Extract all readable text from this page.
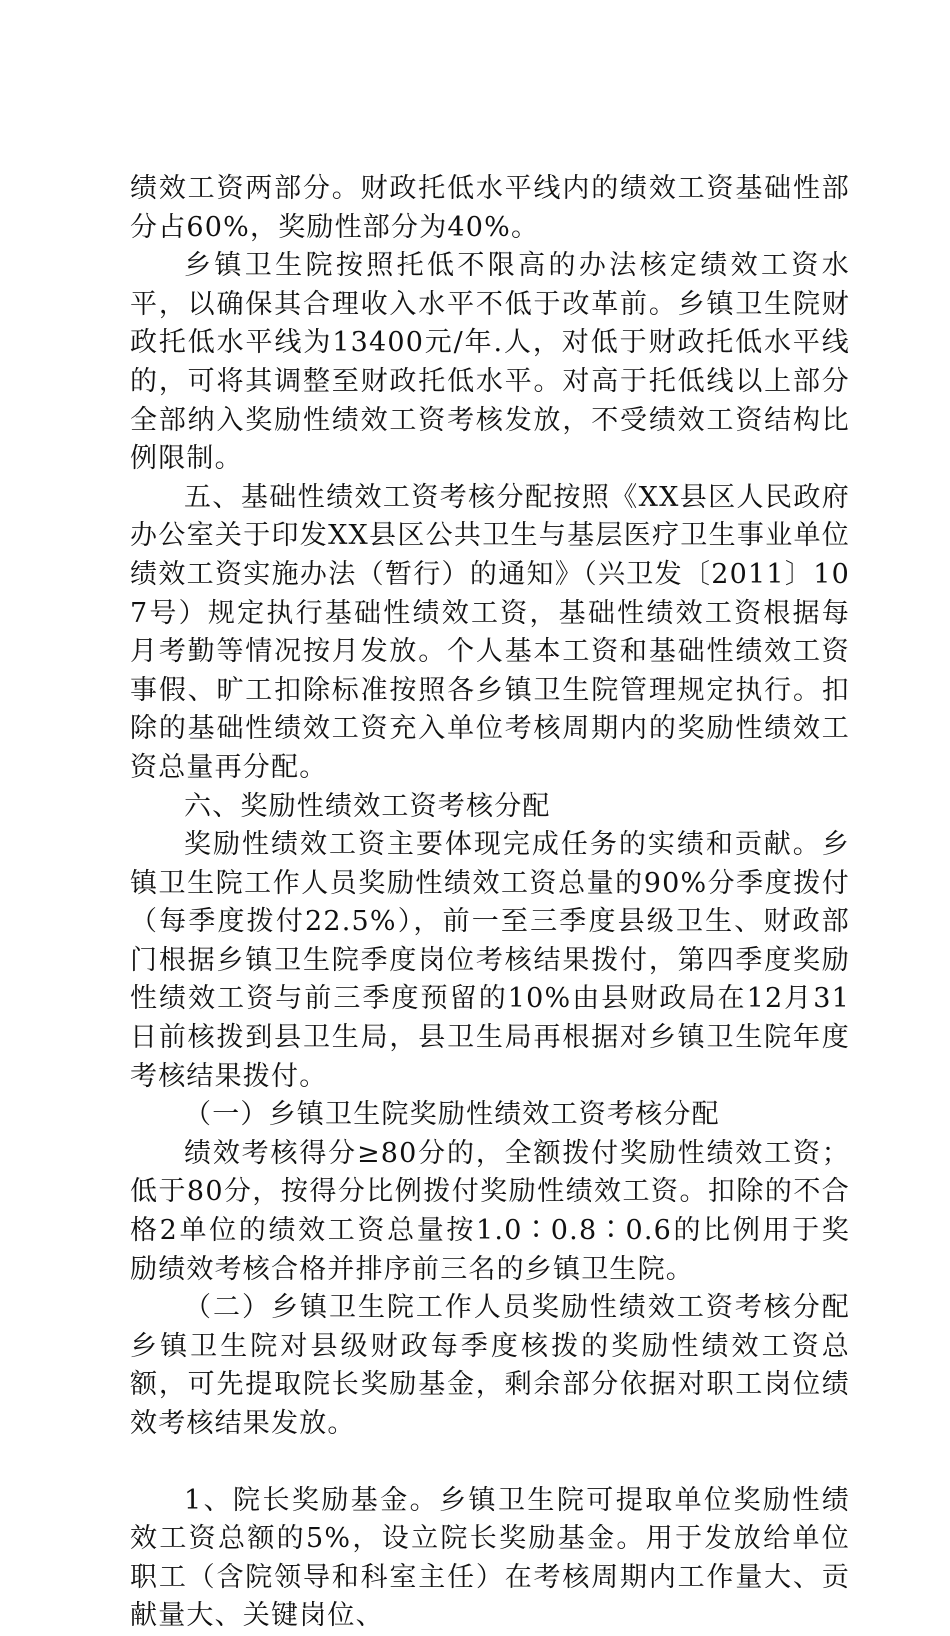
绩效工资两部分。财政托低水平线内的绩效工资基础性部分占60%，奖励性部分为40%。

乡镇卫生院按照托低不限高的办法核定绩效工资水平，以确保其合理收入水平不低于改革前。乡镇卫生院财政托低水平线为13400元/年.人，对低于财政托低水平线的，可将其调整至财政托低水平。对高于托低线以上部分全部纳入奖励性绩效工资考核发放，不受绩效工资结构比例限制。

五、基础性绩效工资考核分配按照《XX县区人民政府办公室关于印发XX县区公共卫生与基层医疗卫生事业单位绩效工资实施办法（暂行）的通知》（兴卫发〔2011〕107号）规定执行基础性绩效工资，基础性绩效工资根据每月考勤等情况按月发放。个人基本工资和基础性绩效工资事假、旷工扣除标准按照各乡镇卫生院管理规定执行。扣除的基础性绩效工资充入单位考核周期内的奖励性绩效工资总量再分配。

六、奖励性绩效工资考核分配

奖励性绩效工资主要体现完成任务的实绩和贡献。乡镇卫生院工作人员奖励性绩效工资总量的90%分季度拨付（每季度拨付22.5%），前一至三季度县级卫生、财政部门根据乡镇卫生院季度岗位考核结果拨付，第四季度奖励性绩效工资与前三季度预留的10%由县财政局在12月31日前核拨到县卫生局，县卫生局再根据对乡镇卫生院年度考核结果拨付。

（一）乡镇卫生院奖励性绩效工资考核分配

绩效考核得分≥80分的，全额拨付奖励性绩效工资；低于80分，按得分比例拨付奖励性绩效工资。扣除的不合格2单位的绩效工资总量按1.0∶0.8∶0.6的比例用于奖励绩效考核合格并排序前三名的乡镇卫生院。

（二）乡镇卫生院工作人员奖励性绩效工资考核分配乡镇卫生院对县级财政每季度核拨的奖励性绩效工资总额，可先提取院长奖励基金，剩余部分依据对职工岗位绩效考核结果发放。

1、院长奖励基金。乡镇卫生院可提取单位奖励性绩效工资总额的5%，设立院长奖励基金。用于发放给单位职工（含院领导和科室主任）在考核周期内工作量大、贡献量大、关键岗位、
